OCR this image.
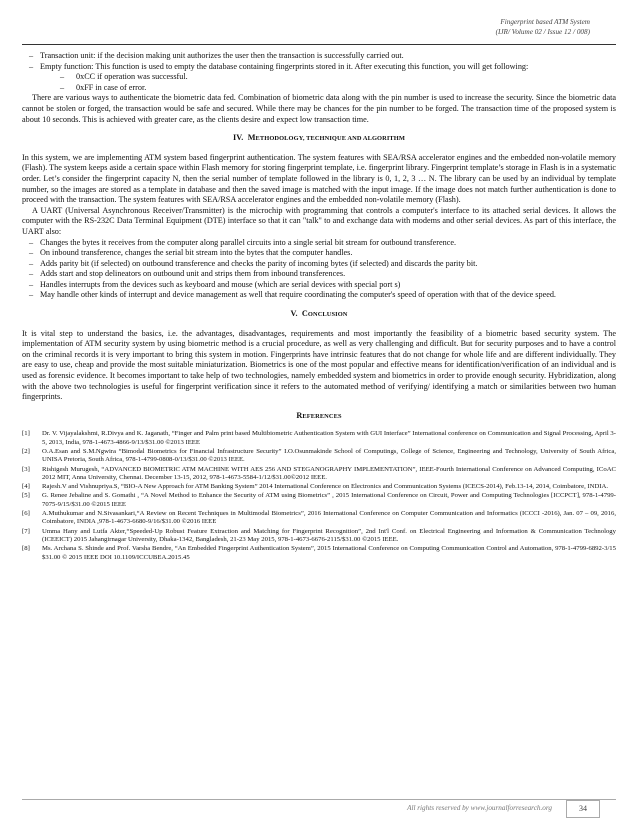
Fingerprint based ATM System
(IJR/ Volume 02 / Issue 12 / 008)
– Transaction unit: if the decision making unit authorizes the user then the transaction is successfully carried out.
– Empty function: This function is used to empty the database containing fingerprints stored in it. After executing this function, you will get following:
–	0xCC if operation was successful.
–	0xFF in case of error.

There are various ways to authenticate the biometric data fed. Combination of biometric data along with the pin number is used to increase the security. Since the biometric data cannot be stolen or forged, the transaction would be safe and secured. While there may be chances for the pin number to be forged. The transaction time of the proposed system is about 10 seconds. This is achieved with greater care, as the clients desire and expect low transaction time.

IV. METHODOLOGY, TECHNIQUE AND ALGORITHM

In this system, we are implementing ATM system based fingerprint authentication. The system features with SEA/RSA accelerator engines and the embedded non-volatile memory (Flash). The system keeps aside a certain space within Flash memory for storing fingerprint template, i.e. fingerprint library. Fingerprint template’s storage in Flash is in a systematic order. Let’s consider the fingerprint capacity N, then the serial number of template followed in the library is 0, 1, 2, 3 … N. The library can be used by an individual by template number, so the images are stored as a template in database and then the saved image is matched with the input image. If the image does not match further authentication is done to proceed with the transaction. The system features with SEA/RSA accelerator engines and the embedded non-volatile memory (Flash).

A UART (Universal Asynchronous Receiver/Transmitter) is the microchip with programming that controls a computer's interface to its attached serial devices. It allows the computer with the RS-232C Data Terminal Equipment (DTE) interface so that it can "talk" to and exchange data with modems and other serial devices. As part of this interface, the UART also:

– Changes the bytes it receives from the computer along parallel circuits into a single serial bit stream for outbound transference.
– On inbound transference, changes the serial bit stream into the bytes that the computer handles.
– Adds parity bit (if selected) on outbound transference and checks the parity of incoming bytes (if selected) and discards the parity bit.
– Adds start and stop delineators on outbound unit and strips them from inbound transferences.
– Handles interrupts from the devices such as keyboard and mouse (which are serial devices with special port s)
– May handle other kinds of interrupt and device management as well that require coordinating the computer's speed of operation with that of the device speed.
V. CONCLUSION

It is vital step to understand the basics, i.e. the advantages, disadvantages, requirements and most importantly the feasibility of a biometric based security system. The implementation of ATM security system by using biometric method is a crucial procedure, as well as very challenging and difficult. But for security purposes and to have a control on the criminal records it is very important to bring this system in motion. Fingerprints have intrinsic features that do not change for whole life and are different individually. They are easy to use, cheap and provide the most suitable miniaturization. Biometrics is one of the most popular and effective means for identification/verification of an individual and is used as forensic evidence. It becomes important to take help of two technologies, namely embedded system and biometrics in order to provide enough security. Hybridization, along with the above two technologies is useful for fingerprint verification since it refers to the automated method of verifying/ identifying a match or similarities between two human fingerprints.

REFERENCES
[1]	Dr. V. Vijayalakshmi, R.Divya and K. Jaganath, “Finger and Palm print based Multibiometric Authentication System with GUI Interface” International conference on Communication and Signal Processing, April 3-5, 2013, India, 978-1-4673-4866-9/13/$31.00 ©2013 IEEE
[2]	O.A.Esan and S.M.Ngwira “Bimodal Biometrics for Financial Infrastructure Security” I.O.Osunmakinde School of Computings, College of Science, Engineering and Technology, University of South Africa, UNISA Pretoria, South Africa, 978-1-4799-0808-0/13/$31.00 ©2013 IEEE.
[3]	Rishigesh Murugesh, “ADVANCED BIOMETRIC ATM MACHINE WITH AES 256 AND STEGANOGRAPHY IMPLEMENTATION”, IEEE-Fourth International Conference on Advanced Computing, ICoAC 2012 MIT, Anna University, Chennai. December 13-15, 2012, 978-1-4673-5584-1/12/$31.00©2012 IEEE.
[4]	Rajesh.V and Vishnupriya.S, “BIO-A New Approach for ATM Banking System” 2014 International Conference on Electronics and Communication Systems (ICECS-2014), Feb.13-14, 2014, Coimbatore, INDIA.
[5]	G. Renee Jebaline and S. Gomathi , “A Novel Method to Enhance the Security of ATM using Biometrics” , 2015 International Conference on Circuit, Power and Computing Technologies [ICCPCT], 978-1-4799-7075-9/15/$31.00 ©2015 IEEE
[6]	A.Muthukumar and N.Sivasankari,“A Review on Recent Techniques in Multimodal Biometrics”, 2016 International Conference on Computer Communication and Informatics (ICCCI -2016), Jan. 07 – 09, 2016, Coimbatore, INDIA ,978-1-4673-6680-9/16/$31.00 ©2016 IEEE
[7]	Umma Hany and Lutfa Akter,“Speeded-Up Robust Feature Extraction and Matching for Fingerprint Recognition”, 2nd Int'l Conf. on Electrical Engineering and Information & Communication Technology (ICEEICT) 2015 Jahangirnagar University, Dhaka-1342, Bangladesh, 21-23 May 2015, 978-1-4673-6676-2115/$31.00 ©2015 IEEE.
[8]	Ms. Archana S. Shinde and Prof. Varsha Bendre, “An Embedded Fingerprint Authentication System”, 2015 International Conference on Computing Communication Control and Automation, 978-1-4799-6892-3/15 $31.00 © 2015 IEEE DOI 10.1109/ICCUBEA.2015.45
All rights reserved by www.journalforresearch.org	34
